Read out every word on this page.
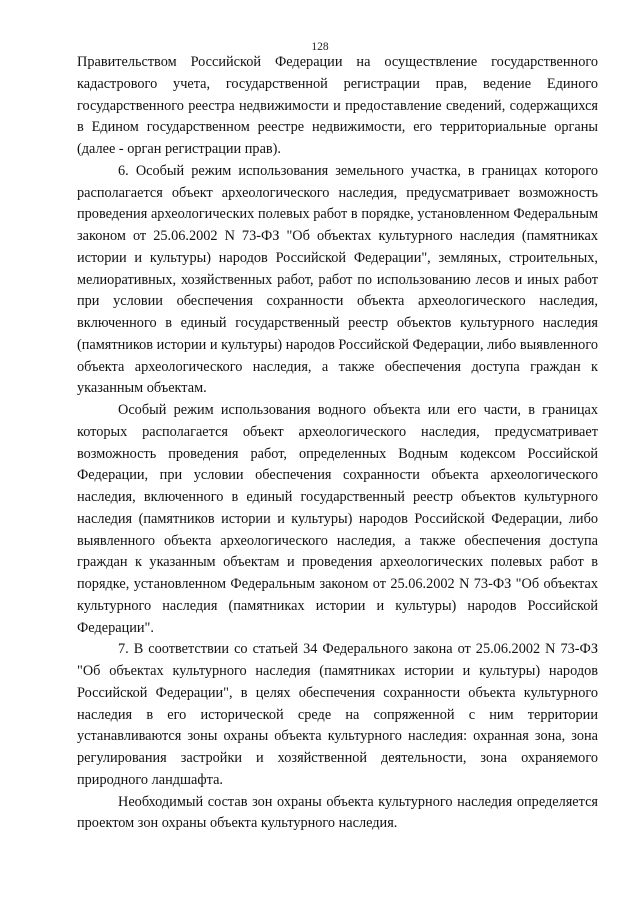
128

Правительством Российской Федерации на осуществление государственного кадастрового учета, государственной регистрации прав, ведение Единого государственного реестра недвижимости и предоставление сведений, содержащихся в Едином государственном реестре недвижимости, его территориальные органы (далее - орган регистрации прав).

6. Особый режим использования земельного участка, в границах которого располагается объект археологического наследия, предусматривает возможность проведения археологических полевых работ в порядке, установленном Федеральным законом от 25.06.2002 N 73-ФЗ "Об объектах культурного наследия (памятниках истории и культуры) народов Российской Федерации", земляных, строительных, мелиоративных, хозяйственных работ, работ по использованию лесов и иных работ при условии обеспечения сохранности объекта археологического наследия, включенного в единый государственный реестр объектов культурного наследия (памятников истории и культуры) народов Российской Федерации, либо выявленного объекта археологического наследия, а также обеспечения доступа граждан к указанным объектам.

Особый режим использования водного объекта или его части, в границах которых располагается объект археологического наследия, предусматривает возможность проведения работ, определенных Водным кодексом Российской Федерации, при условии обеспечения сохранности объекта археологического наследия, включенного в единый государственный реестр объектов культурного наследия (памятников истории и культуры) народов Российской Федерации, либо выявленного объекта археологического наследия, а также обеспечения доступа граждан к указанным объектам и проведения археологических полевых работ в порядке, установленном Федеральным законом от 25.06.2002 N 73-ФЗ "Об объектах культурного наследия (памятниках истории и культуры) народов Российской Федерации".

7. В соответствии со статьей 34 Федерального закона от 25.06.2002 N 73-ФЗ "Об объектах культурного наследия (памятниках истории и культуры) народов Российской Федерации", в целях обеспечения сохранности объекта культурного наследия в его исторической среде на сопряженной с ним территории устанавливаются зоны охраны объекта культурного наследия: охранная зона, зона регулирования застройки и хозяйственной деятельности, зона охраняемого природного ландшафта.

Необходимый состав зон охраны объекта культурного наследия определяется проектом зон охраны объекта культурного наследия.
